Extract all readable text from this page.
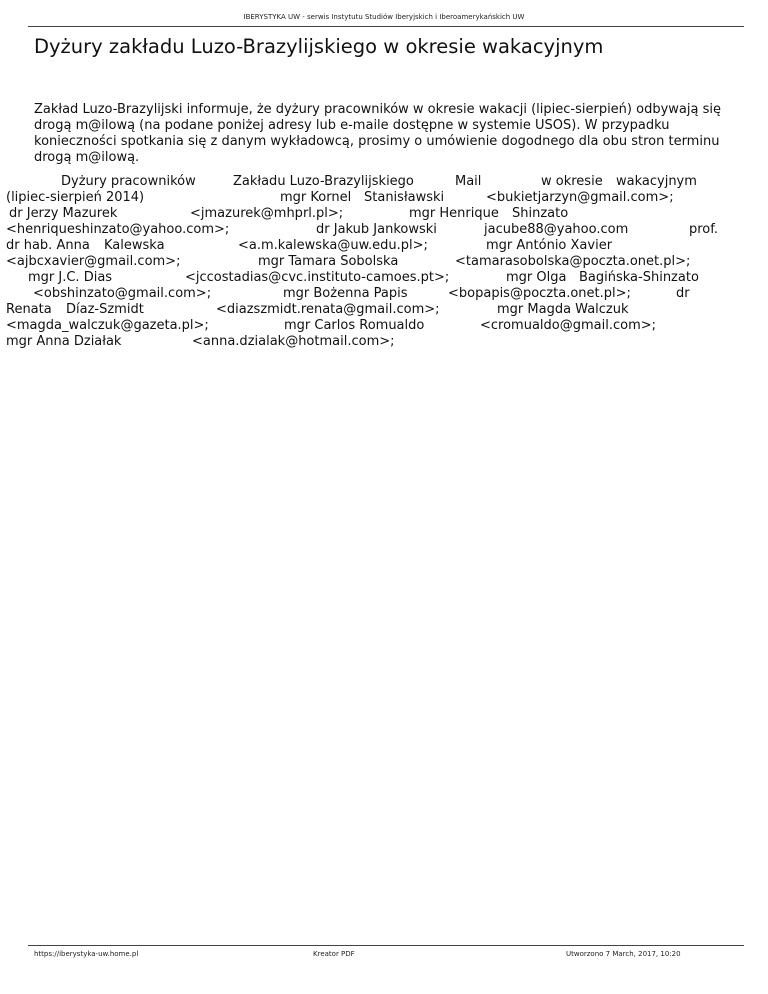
IBERYSTYKA UW - serwis Instytutu Studiów Iberyjskich i Iberoamerykańskich UW
Dyżury zakładu Luzo-Brazylijskiego w okresie wakacyjnym

Zakład Luzo-Brazylijski informuje, że dyżury pracowników w okresie wakacji (lipiec-sierpień) odbywają się drogą m@ilową (na podane poniżej adresy lub e-maile dostępne w systemie USOS). W przypadku konieczności spotkania się z danym wykładowcą, prosimy o umówienie dogodnego dla obu stron terminu drogą m@ilową.

Dyżury pracowników	Zakładu Luzo-Brazylijskiego	Mail	w okresie wakacyjnym
(lipiec-sierpień 2014)	mgr Kornel Stanisławski	<bukietjarzyn@gmail.com>;
dr Jerzy Mazurek	<jmazurek@mhprl.pl>;	mgr Henrique Shinzato
<henriqueshinzato@yahoo.com>;	dr Jakub Jankowski	jacube88@yahoo.com	prof.
dr hab. Anna Kalewska	<a.m.kalewska@uw.edu.pl>;	mgr António Xavier
<ajbcxavier@gmail.com>;	mgr Tamara Sobolska	<tamarasobolska@poczta.onet.pl>;
mgr J.C. Dias	<jccostadias@cvc.instituto-camoes.pt>;	mgr Olga Bagińska-Shinzato
<obshinzato@gmail.com>;	mgr Bożenna Papis	<bopapis@poczta.onet.pl>;	dr
Renata Díaz-Szmidt	<diazszmidt.renata@gmail.com>;	mgr Magda Walczuk
<magda_walczuk@gazeta.pl>;	mgr Carlos Romualdo	<cromualdo@gmail.com>;
mgr Anna Działak	<anna.dzialak@hotmail.com>;
https://iberystyka-uw.home.pl	Kreator PDF	Utworzono 7 March, 2017, 10:20
